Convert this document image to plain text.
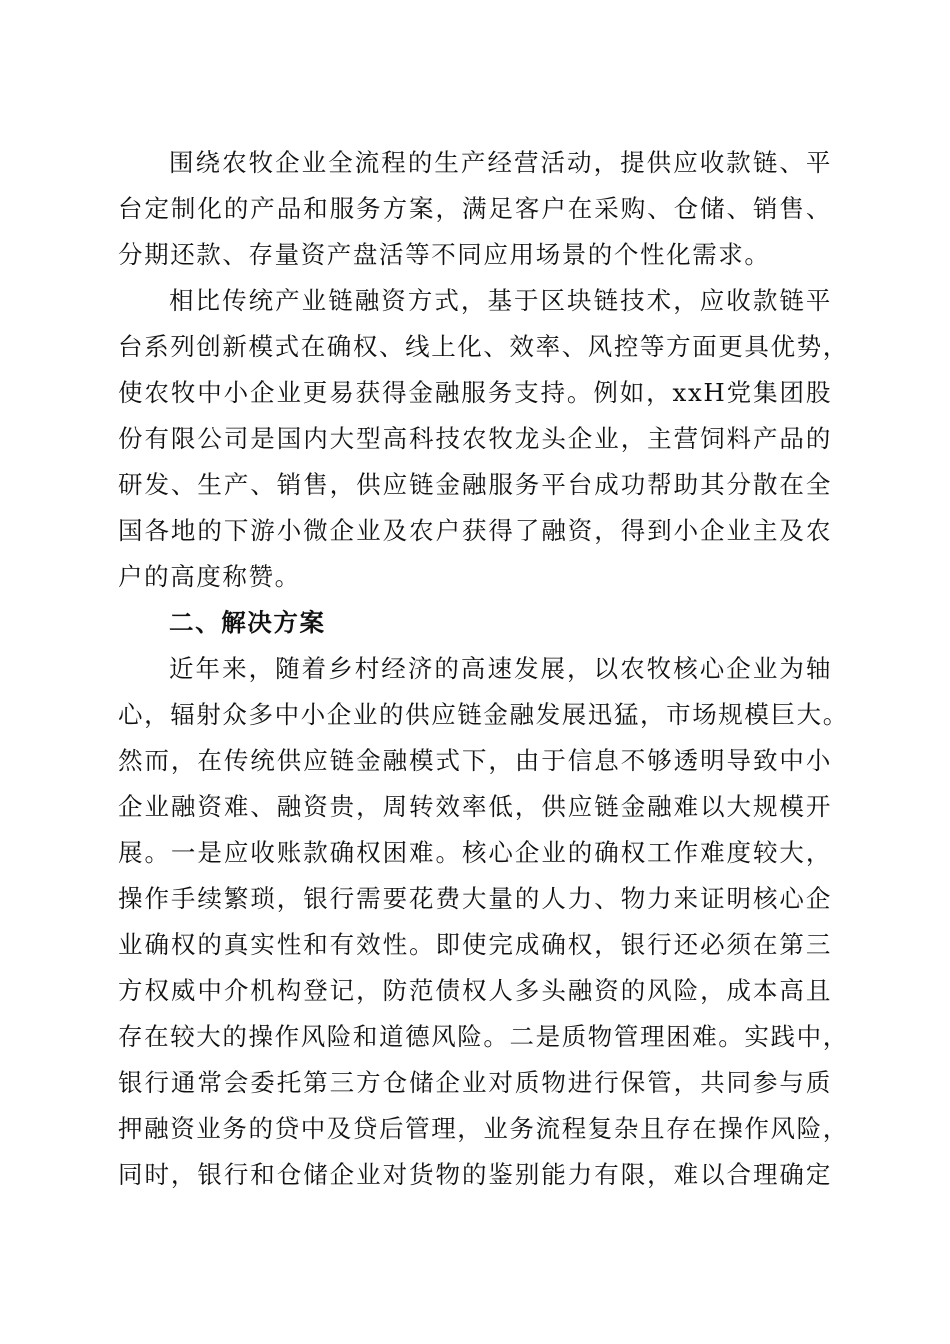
围绕农牧企业全流程的生产经营活动，提供应收款链、平
台定制化的产品和服务方案，满足客户在采购、仓储、销售、
分期还款、存量资产盘活等不同应用场景的个性化需求。
相比传统产业链融资方式，基于区块链技术，应收款链平
台系列创新模式在确权、线上化、效率、风控等方面更具优势，
使农牧中小企业更易获得金融服务支持。例如，xxH党集团股
份有限公司是国内大型高科技农牧龙头企业，主营饲料产品的
研发、生产、销售，供应链金融服务平台成功帮助其分散在全
国各地的下游小微企业及农户获得了融资，得到小企业主及农
户的高度称赞。
二、解决方案
近年来，随着乡村经济的高速发展，以农牧核心企业为轴
心，辐射众多中小企业的供应链金融发展迅猛，市场规模巨大。
然而，在传统供应链金融模式下，由于信息不够透明导致中小
企业融资难、融资贵，周转效率低，供应链金融难以大规模开
展。一是应收账款确权困难。核心企业的确权工作难度较大，
操作手续繁琐，银行需要花费大量的人力、物力来证明核心企
业确权的真实性和有效性。即使完成确权，银行还必须在第三
方权威中介机构登记，防范债权人多头融资的风险，成本高且
存在较大的操作风险和道德风险。二是质物管理困难。实践中，
银行通常会委托第三方仓储企业对质物进行保管，共同参与质
押融资业务的贷中及贷后管理，业务流程复杂且存在操作风险，
同时，银行和仓储企业对货物的鉴别能力有限，难以合理确定
